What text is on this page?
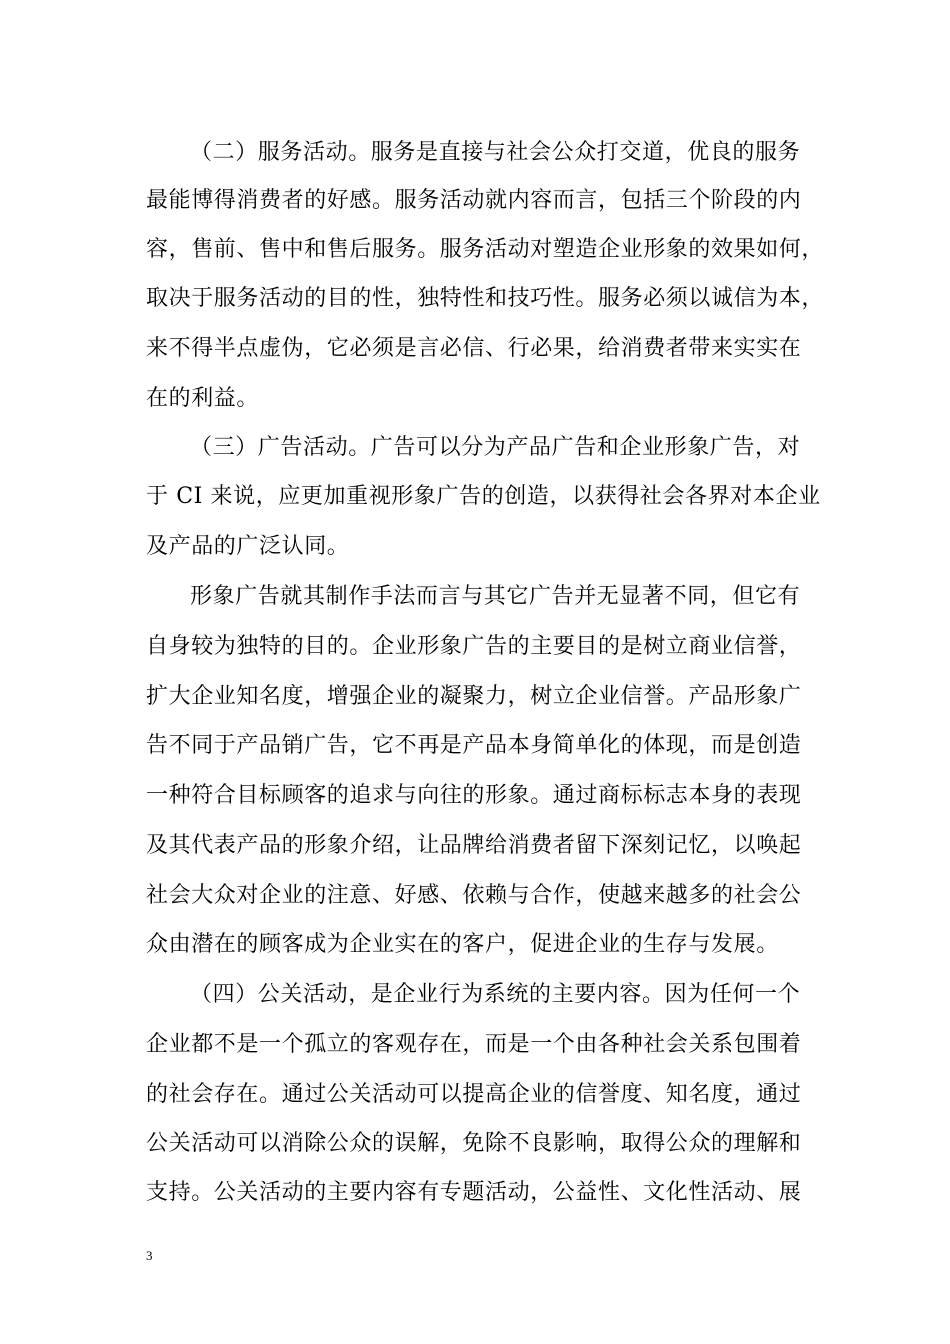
（二）服务活动。服务是直接与社会公众打交道，优良的服务
最能博得消费者的好感。服务活动就内容而言，包括三个阶段的内
容，售前、售中和售后服务。服务活动对塑造企业形象的效果如何，
取决于服务活动的目的性，独特性和技巧性。服务必须以诚信为本，
来不得半点虚伪，它必须是言必信、行必果，给消费者带来实实在
在的利益。
（三）广告活动。广告可以分为产品广告和企业形象广告，对
于 CI 来说，应更加重视形象广告的创造，以获得社会各界对本企业
及产品的广泛认同。
形象广告就其制作手法而言与其它广告并无显著不同，但它有
自身较为独特的目的。企业形象广告的主要目的是树立商业信誉，
扩大企业知名度，增强企业的凝聚力，树立企业信誉。产品形象广
告不同于产品销广告，它不再是产品本身简单化的体现，而是创造
一种符合目标顾客的追求与向往的形象。通过商标标志本身的表现
及其代表产品的形象介绍，让品牌给消费者留下深刻记忆，以唤起
社会大众对企业的注意、好感、依赖与合作，使越来越多的社会公
众由潜在的顾客成为企业实在的客户，促进企业的生存与发展。
（四）公关活动，是企业行为系统的主要内容。因为任何一个
企业都不是一个孤立的客观存在，而是一个由各种社会关系包围着
的社会存在。通过公关活动可以提高企业的信誉度、知名度，通过
公关活动可以消除公众的误解，免除不良影响，取得公众的理解和
支持。公关活动的主要内容有专题活动，公益性、文化性活动、展
3
